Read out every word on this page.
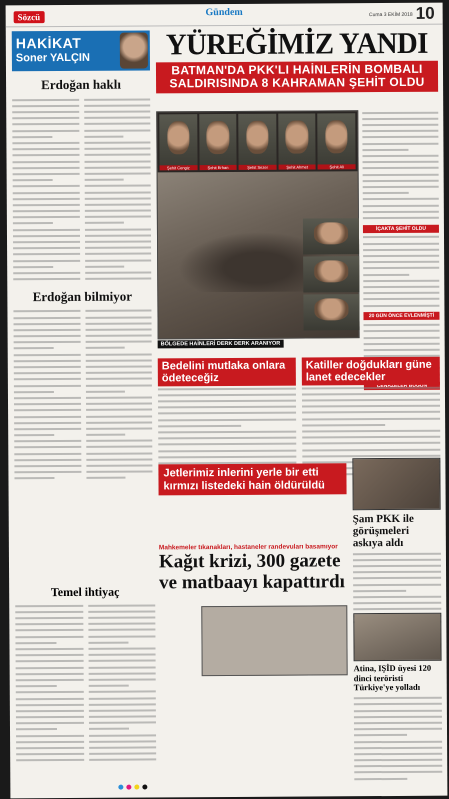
Sözcü	Gündem	Cuma 3 EKİM 2018 10
HAKİKAT
Soner YALÇIN
Erdoğan haklı
Erdoğan bilmiyor
YÜREĞİMİZ YANDI
BATMAN'DA PKK'LI HAİNLERİN BOMBALI
SALDIRISINDA 8 KAHRAMAN ŞEHİT OLDU
Şehit Cengiz	Şehit Erhan	Şehit Sezer	Şehit Ahmet	Şehit Ali
BÖLGEDE HAİNLERİ DERK DERK ARANIYOR
İÇAKTA ŞEHİT OLDU
20 GÜN ÖNCE EVLENMİŞTİ
Bedelini mutlaka onlara ödeteceğiz
Katiller doğdukları güne lanet edecekler
Jetlerimiz inlerini yerle bir etti kırmızı listedeki hain öldürüldü
Şam PKK ile görüşmeleri askıya aldı
Mahkemeler tıkanakları, hastaneler randevuları basamıyor
Kağıt krizi, 300 gazete
ve matbaayı kapattırdı
Temel ihtiyaç
Atina, IŞİD üyesi 120 dinci teröristi Türkiye'ye yolladı
